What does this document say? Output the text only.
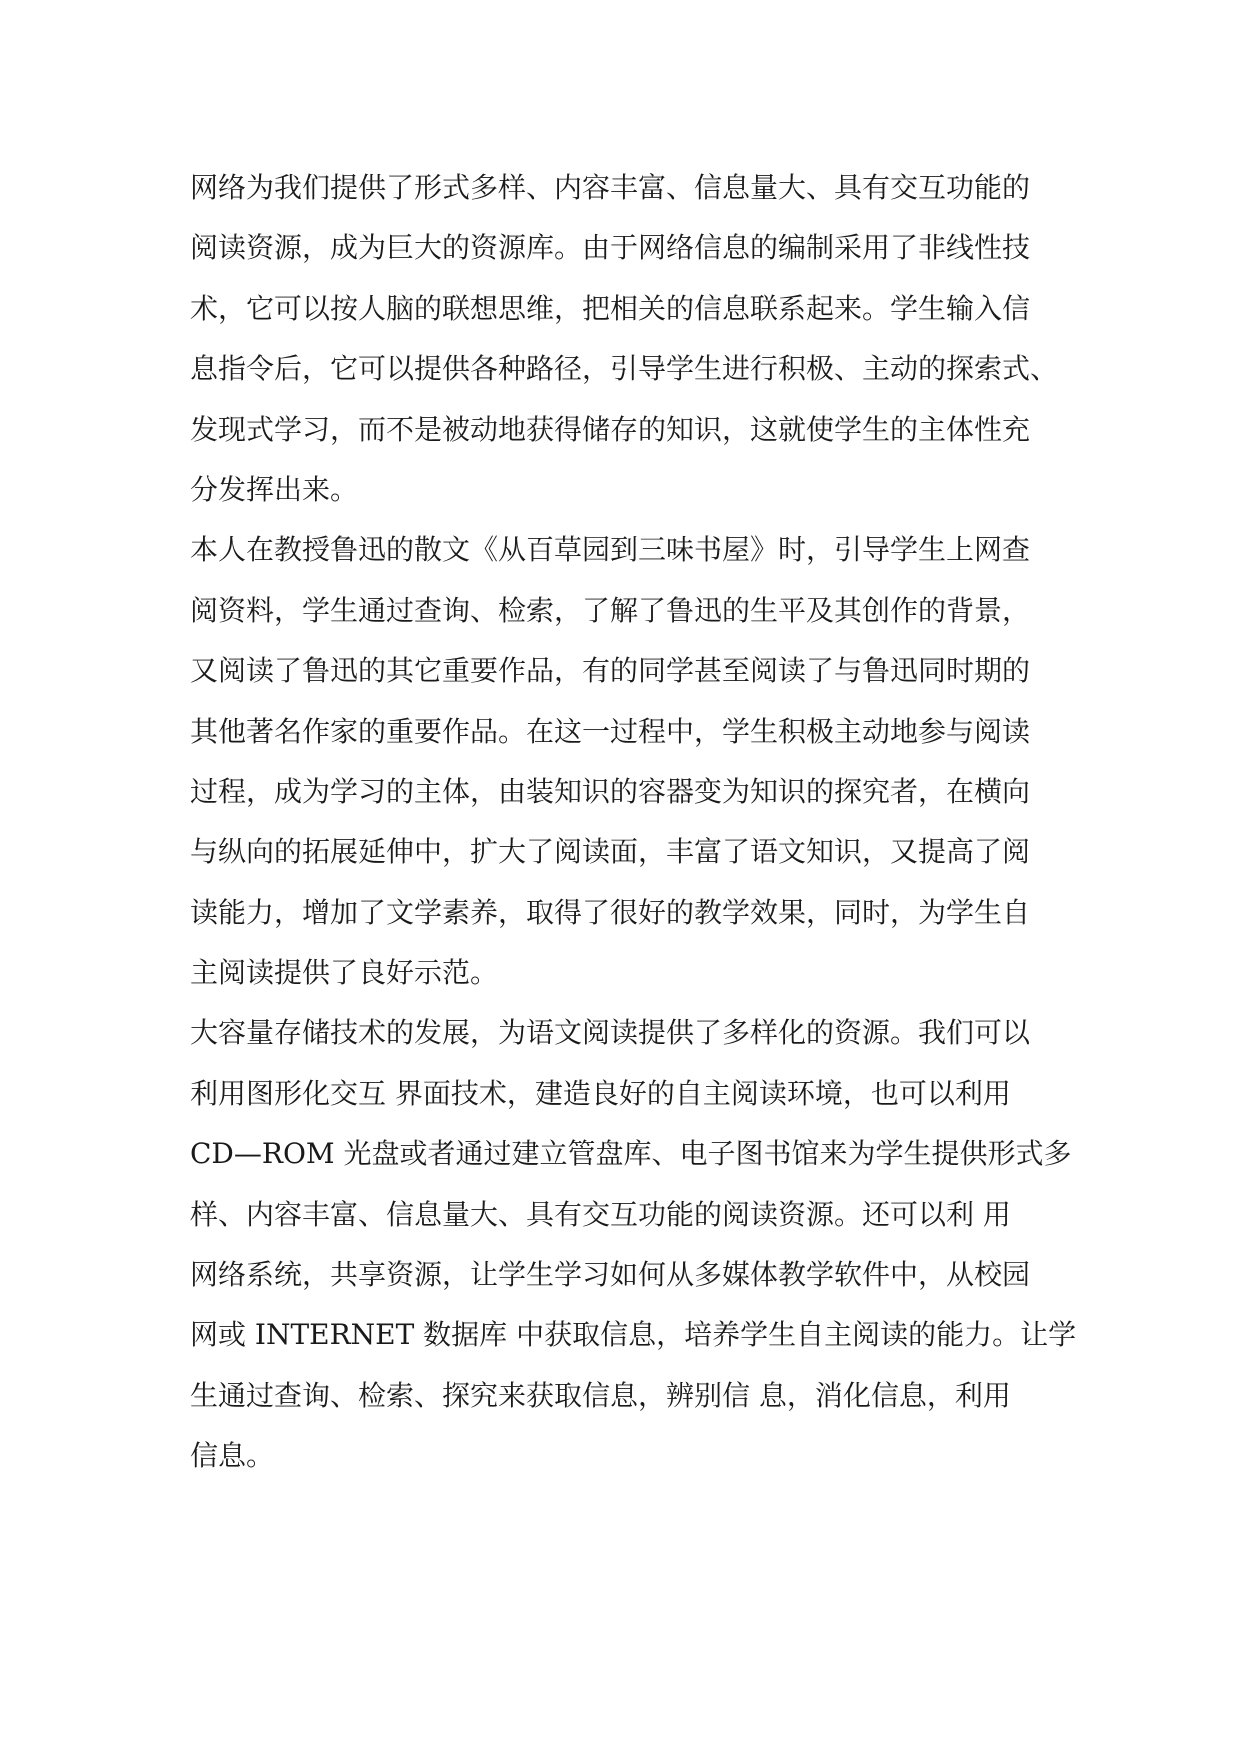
网络为我们提供了形式多样、内容丰富、信息量大、具有交互功能的
阅读资源，成为巨大的资源库。由于网络信息的编制采用了非线性技
术，它可以按人脑的联想思维，把相关的信息联系起来。学生输入信
息指令后，它可以提供各种路径，引导学生进行积极、主动的探索式、
发现式学习，而不是被动地获得储存的知识，这就使学生的主体性充
分发挥出来。
本人在教授鲁迅的散文《从百草园到三味书屋》时，引导学生上网查
阅资料，学生通过查询、检索，了解了鲁迅的生平及其创作的背景，
又阅读了鲁迅的其它重要作品，有的同学甚至阅读了与鲁迅同时期的
其他著名作家的重要作品。在这一过程中，学生积极主动地参与阅读
过程，成为学习的主体，由装知识的容器变为知识的探究者，在横向
与纵向的拓展延伸中，扩大了阅读面，丰富了语文知识，又提高了阅
读能力，增加了文学素养，取得了很好的教学效果，同时，为学生自
主阅读提供了良好示范。
大容量存储技术的发展，为语文阅读提供了多样化的资源。我们可以
利用图形化交互 界面技术，建造良好的自主阅读环境，也可以利用
CD—ROM 光盘或者通过建立管盘库、电子图书馆来为学生提供形式多
样、内容丰富、信息量大、具有交互功能的阅读资源。还可以利 用
网络系统，共享资源，让学生学习如何从多媒体教学软件中，从校园
网或 INTERNET 数据库 中获取信息，培养学生自主阅读的能力。让学
生通过查询、检索、探究来获取信息，辨别信 息，消化信息，利用
信息。
